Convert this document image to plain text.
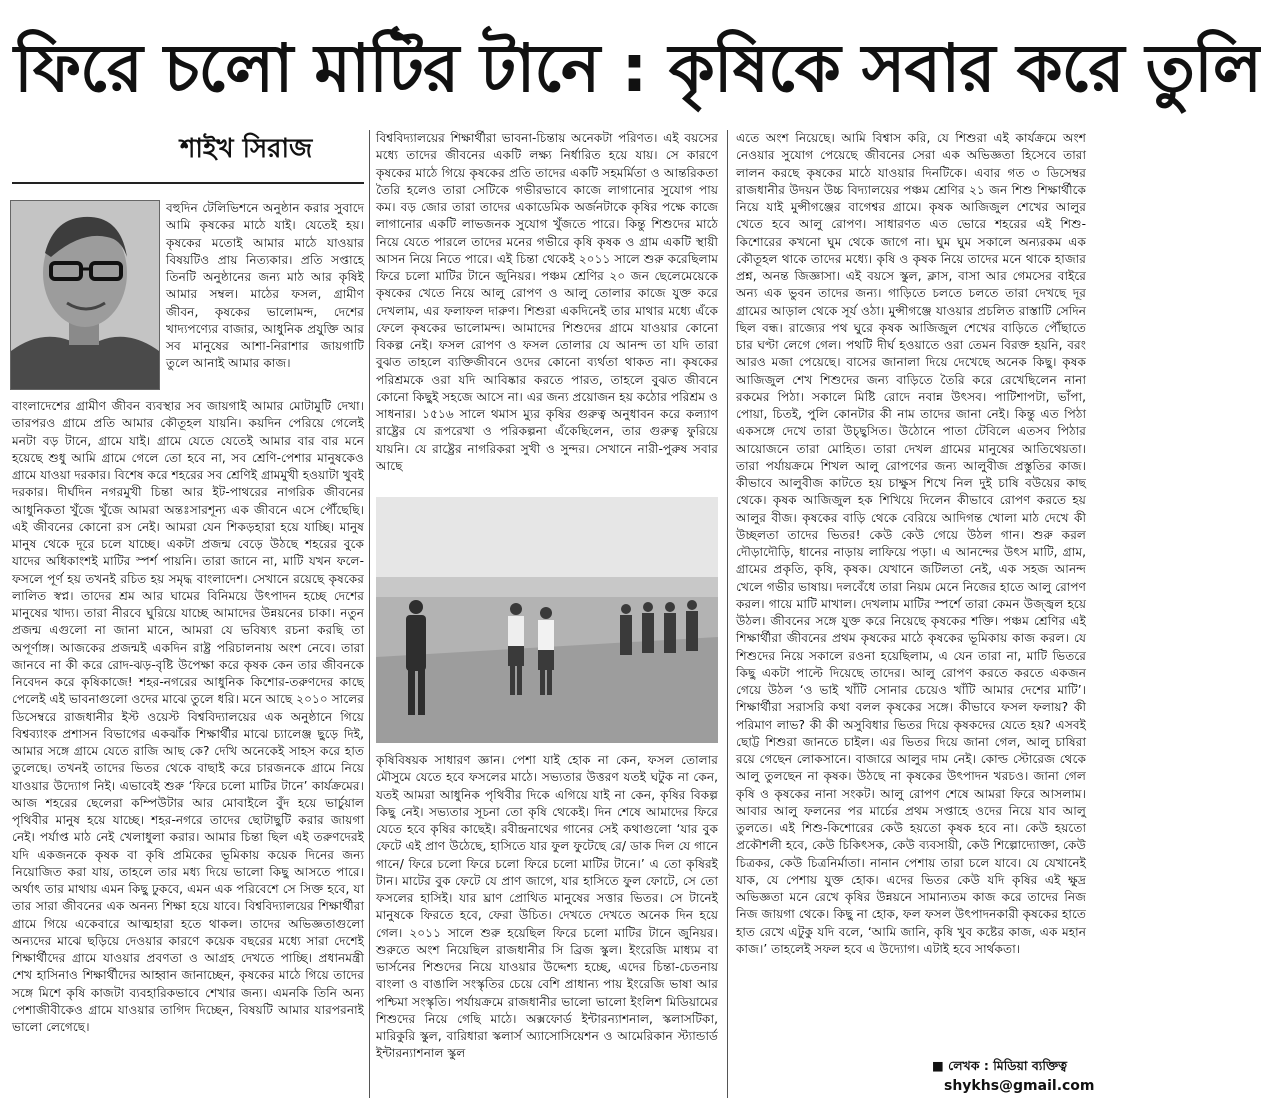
ফিরে চলো মাটির টানে : কৃষিকে সবার করে তুলি
শাইখ সিরাজ

বহুদিন টেলিভিশনে অনুষ্ঠান করার সুবাদে আমি কৃষকের মাঠে যাই। যেতেই হয়। কৃষকের মতোই আমার মাঠে যাওয়ার বিষয়টিও প্রায় নিত্যকার। প্রতি সপ্তাহে তিনটি অনুষ্ঠানের জন্য মাঠ আর কৃষিই আমার সম্বল। মাঠের ফসল, গ্রামীণ জীবন, কৃষকের ভালোমন্দ, দেশের খাদ্যপণ্যের বাজার, আধুনিক প্রযুক্তি আর সব মানুষের আশা-নিরাশার জায়গাটি তুলে আনাই আমার কাজ।

বাংলাদেশের গ্রামীণ জীবন ব্যবস্থার সব জায়গাই আমার মোটামুটি দেখা। তারপরও গ্রামে প্রতি আমার কৌতূহল যায়নি। কয়দিন পেরিয়ে গেলেই মনটা বড় টানে, গ্রামে যাই। গ্রামে যেতে যেতেই আমার বার বার মনে হয়েছে শুধু আমি গ্রামে গেলে তো হবে না, সব শ্রেণি-পেশার মানুষকেও গ্রামে যাওয়া দরকার। বিশেষ করে শহরের সব শ্রেণিই গ্রামমুখী হওয়াটা খুবই দরকার। দীর্ঘদিন নগরমুখী চিন্তা আর ইট-পাথরের নাগরিক জীবনের আধুনিকতা খুঁজে খুঁজে আমরা অন্তঃসারশূন্য এক জীবনে এসে পৌঁছেছি। এই জীবনের কোনো রস নেই। আমরা যেন শিকড়হারা হয়ে যাচ্ছি। মানুষ মানুষ থেকে দূরে চলে যাচ্ছে। একটা প্রজন্ম বেড়ে উঠছে শহরের বুকে যাদের অধিকাংশই মাটির স্পর্শ পায়নি। তারা জানে না, মাটি যখন ফলে-ফসলে পূর্ণ হয় তখনই রচিত হয় সমৃদ্ধ বাংলাদেশ। সেখানে রয়েছে কৃষকের লালিত স্বপ্ন। তাদের শ্রম আর ঘামের বিনিময়ে উৎপাদন হচ্ছে দেশের মানুষের খাদ্য। তারা নীরবে ঘুরিয়ে যাচ্ছে আমাদের উন্নয়নের চাকা। নতুন প্রজন্ম এগুলো না জানা মানে, আমরা যে ভবিষ্যৎ রচনা করছি তা অপূর্ণাঙ্গ। আজকের প্রজন্মই একদিন রাষ্ট্র পরিচালনায় অংশ নেবে। তারা জানবে না কী করে রোদ-ঝড়-বৃষ্টি উপেক্ষা করে কৃষক কেন তার জীবনকে নিবেদন করে কৃষিকাজে! শহর-নগরের আধুনিক কিশোর-তরুণদের কাছে পেলেই এই ভাবনাগুলো ওদের মাঝে তুলে ধরি। মনে আছে ২০১০ সালের ডিসেম্বরে রাজধানীর ইস্ট ওয়েস্ট বিশ্ববিদ্যালয়ের এক অনুষ্ঠানে গিয়ে বিশ্বব্যাংক প্রশাসন বিভাগের একঝাঁক শিক্ষার্থীর মাঝে চ্যালেঞ্জ ছুড়ে দিই, আমার সঙ্গে গ্রামে যেতে রাজি আছ কে? দেখি অনেকেই সাহস করে হাত তুলেছে। তখনই তাদের ভিতর থেকে বাছাই করে চারজনকে গ্রামে নিয়ে যাওয়ার উদ্যোগ নিই। এভাবেই শুরু ‘ফিরে চলো মাটির টানে’ কার্যক্রমের। আজ শহরের ছেলেরা কম্পিউটার আর মোবাইলে বুঁদ হয়ে ভার্চুয়াল পৃথিবীর মানুষ হয়ে যাচ্ছে। শহর-নগরে তাদের ছোটাছুটি করার জায়গা নেই। পর্যাপ্ত মাঠ নেই খেলাধুলা করার। আমার চিন্তা ছিল এই তরুণদেরই যদি একজনকে কৃষক বা কৃষি প্রমিকের ভূমিকায় কয়েক দিনের জন্য নিয়োজিত করা যায়, তাহলে তার মধ্য দিয়ে ভালো কিছু আসতে পারে। অর্থাৎ তার মাথায় এমন কিছু ঢুকবে, এমন এক পরিবেশে সে সিক্ত হবে, যা তার সারা জীবনের এক অনন্য শিক্ষা হয়ে যাবে। বিশ্ববিদ্যালয়ের শিক্ষার্থীরা গ্রামে গিয়ে একেবারে আত্মহারা হতে থাকল। তাদের অভিজ্ঞতাগুলো অন্যদের মাঝে ছড়িয়ে দেওয়ার কারণে কয়েক বছরের মধ্যে সারা দেশেই শিক্ষার্থীদের গ্রামে যাওয়ার প্রবণতা ও আগ্রহ দেখতে পাচ্ছি। প্রধানমন্ত্রী শেখ হাসিনাও শিক্ষার্থীদের আহ্বান জানাচ্ছেন, কৃষকের মাঠে গিয়ে তাদের সঙ্গে মিশে কৃষি কাজটা ব্যবহারিকভাবে শেখার জন্য। এমনকি তিনি অন্য পেশাজীবীকেও গ্রামে যাওয়ার তাগিদ দিচ্ছেন, বিষয়টি আমার যারপরনাই ভালো লেগেছে।

বিশ্ববিদ্যালয়ের শিক্ষার্থীরা ভাবনা-চিন্তায় অনেকটা পরিণত। এই বয়সের মধ্যে তাদের জীবনের একটি লক্ষ্য নির্ধারিত হয়ে যায়। সে কারণে কৃষকের মাঠে গিয়ে কৃষকের প্রতি তাদের একটি সহমর্মিতা ও আন্তরিকতা তৈরি হলেও তারা সেটিকে গভীরভাবে কাজে লাগানোর সুযোগ পায় কম। বড় জোর তারা তাদের একাডেমিক অর্জনটাকে কৃষির পক্ষে কাজে লাগানোর একটি লাভজনক সুযোগ খুঁজতে পারে। কিন্তু শিশুদের মাঠে নিয়ে যেতে পারলে তাদের মনের গভীরে কৃষি কৃষক ও গ্রাম একটি স্থায়ী আসন নিয়ে নিতে পারে। এই চিন্তা থেকেই ২০১১ সালে শুরু করেছিলাম ফিরে চলো মাটির টানে জুনিয়র। পঞ্চম শ্রেণির ২০ জন ছেলেমেয়েকে কৃষকের খেতে নিয়ে আলু রোপণ ও আলু তোলার কাজে যুক্ত করে দেখলাম, এর ফলাফল দারুণ। শিশুরা একদিনেই তার মাথার মধ্যে এঁকে ফেলে কৃষকের ভালোমন্দ। আমাদের শিশুদের গ্রামে যাওয়ার কোনো বিকল্প নেই। ফসল রোপণ ও ফসল তোলার যে আনন্দ তা যদি তারা বুঝত তাহলে ব্যক্তিজীবনে ওদের কোনো ব্যর্থতা থাকত না। কৃষকের পরিশ্রমকে ওরা যদি আবিষ্কার করতে পারত, তাহলে বুঝত জীবনে কোনো কিছুই সহজে আসে না। এর জন্য প্রয়োজন হয় কঠোর পরিশ্রম ও সাধনার। ১৫১৬ সালে থমাস ম্যুর কৃষির গুরুত্ব অনুধাবন করে কল্যাণ রাষ্ট্রের যে রূপরেখা ও পরিকল্পনা এঁকেছিলেন, তার গুরুত্ব ফুরিয়ে যায়নি। যে রাষ্ট্রের নাগরিকরা সুখী ও সুন্দর। সেখানে নারী-পুরুষ সবার আছে

কৃষিবিষয়ক সাধারণ জ্ঞান। পেশা যাই হোক না কেন, ফসল তোলার মৌসুমে যেতে হবে ফসলের মাঠে। সভ্যতার উত্তরণ যতই ঘটুক না কেন, যতই আমরা আধুনিক পৃথিবীর দিকে এগিয়ে যাই না কেন, কৃষির বিকল্প কিছু নেই। সভ্যতার সূচনা তো কৃষি থেকেই। দিন শেষে আমাদের ফিরে যেতে হবে কৃষির কাছেই। রবীন্দ্রনাথের গানের সেই কথাগুলো ‘যার বুক ফেটে এই প্রাণ উঠেছে, হাসিতে যার ফুল ফুটেছে রে/ ডাক দিল যে গানে গানে/ ফিরে চলো ফিরে চলো ফিরে চলো মাটির টানে।’ এ তো কৃষিরই টান। মাটের বুক ফেটে যে প্রাণ জাগে, যার হাসিতে ফুল ফোটে, সে তো ফসলের হাসিই। যার ঘ্রাণ প্রোথিত মানুষের সত্তার ভিতর। সে টানেই মানুষকে ফিরতে হবে, ফেরা উচিত। দেখতে দেখতে অনেক দিন হয়ে গেল। ২০১১ সালে শুরু হয়েছিল ফিরে চলো মাটির টানে জুনিয়র। শুরুতে অংশ নিয়েছিল রাজধানীর সি ব্রিজ স্কুল। ইংরেজি মাধ্যম বা ভার্সনের শিশুদের নিয়ে যাওয়ার উদ্দেশ্য হচ্ছে, এদের চিন্তা-চেতনায় বাংলা ও বাঙালি সংস্কৃতির চেয়ে বেশি প্রাধান্য পায় ইংরেজি ভাষা আর পশ্চিমা সংস্কৃতি। পর্যায়ক্রমে রাজধানীর ভালো ভালো ইংলিশ মিডিয়ামের শিশুদের নিয়ে গেছি মাঠে। অক্সফোর্ড ইন্টারন্যাশনাল, স্কলাসটিকা, মারিকুরি স্কুল, বারিধারা স্কলার্স অ্যাসোসিয়েশন ও আমেরিকান স্ট্যান্ডার্ড ইন্টারন্যাশনাল স্কুল

এতে অংশ নিয়েছে। আমি বিশ্বাস করি, যে শিশুরা এই কার্যক্রমে অংশ নেওয়ার সুযোগ পেয়েছে জীবনের সেরা এক অভিজ্ঞতা হিসেবে তারা লালন করছে কৃষকের মাঠে যাওয়ার দিনটিকে। এবার গত ৩ ডিসেম্বর রাজধানীর উদয়ন উচ্চ বিদ্যালয়ের পঞ্চম শ্রেণির ২১ জন শিশু শিক্ষার্থীকে নিয়ে যাই মুন্সীগঞ্জের বাগেশ্বর গ্রামে। কৃষক আজিজুল শেখের আলুর খেতে হবে আলু রোপণ। সাধারণত এত ভোরে শহরের এই শিশু-কিশোরের কখনো ঘুম থেকে জাগে না। ঘুম ঘুম সকালে অন্যরকম এক কৌতূহল থাকে তাদের মধ্যে। কৃষি ও কৃষক নিয়ে তাদের মনে থাকে হাজার প্রশ্ন, অনন্ত জিজ্ঞাসা। এই বয়সে স্কুল, ক্লাস, বাসা আর গেমসের বাইরে অন্য এক ভুবন তাদের জন্য। গাড়িতে চলতে চলতে তারা দেখছে দূর গ্রামের আড়াল থেকে সূর্য ওঠা। মুন্সীগঞ্জে যাওয়ার প্রচলিত রাস্তাটি সেদিন ছিল বন্ধ। রাজ্যের পথ ঘুরে কৃষক আজিজুল শেখের বাড়িতে পৌঁছাতে চার ঘণ্টা লেগে গেল। পথটি দীর্ঘ হওয়াতে ওরা তেমন বিরক্ত হয়নি, বরং আরও মজা পেয়েছে। বাসের জানালা দিয়ে দেখেছে অনেক কিছু। কৃষক আজিজুল শেখ শিশুদের জন্য বাড়িতে তৈরি করে রেখেছিলেন নানা রকমের পিঠা। সকালে মিষ্টি রোদে নবান্ন উৎসব। পাটিশাপটা, ভাঁপা, পোয়া, চিতই, পুলি কোনটার কী নাম তাদের জানা নেই। কিন্তু এত পিঠা একসঙ্গে দেখে তারা উচ্ছ্বসিত। উঠোনে পাতা টেবিলে এতসব পিঠার আয়োজনে তারা মোহিত। তারা দেখল গ্রামের মানুষের আতিথেয়তা। তারা পর্যায়ক্রমে শিখল আলু রোপণের জন্য আলুবীজ প্রস্তুতির কাজ। কীভাবে আলুবীজ কাটতে হয় চাক্ষুস শিখে নিল দুই চাষি বউয়ের কাছ থেকে। কৃষক আজিজুল হক শিখিয়ে দিলেন কীভাবে রোপণ করতে হয় আলুর বীজ। কৃষকের বাড়ি থেকে বেরিয়ে আদিগন্ত খোলা মাঠ দেখে কী উচ্ছলতা তাদের ভিতর! কেউ কেউ গেয়ে উঠল গান। শুরু করল দৌড়াদৌড়ি, ধানের নাড়ায় লাফিয়ে পড়া। এ আনন্দের উৎস মাটি, গ্রাম, গ্রামের প্রকৃতি, কৃষি, কৃষক। যেখানে জটিলতা নেই, এক সহজ আনন্দ খেলে গভীর ভাষায়। দলবেঁধে তারা নিয়ম মেনে নিজের হাতে আলু রোপণ করল। গায়ে মাটি মাখাল। দেখলাম মাটির স্পর্শে তারা কেমন উজ্জ্বল হয়ে উঠল। জীবনের সঙ্গে যুক্ত করে নিয়েছে কৃষকের শক্তি। পঞ্চম শ্রেণির এই শিক্ষার্থীরা জীবনের প্রথম কৃষকের মাঠে কৃষকের ভূমিকায় কাজ করল। যে শিশুদের নিয়ে সকালে রওনা হয়েছিলাম, এ যেন তারা না, মাটি ভিতরে কিছু একটা পাল্টে দিয়েছে তাদের। আলু রোপণ করতে করতে একজন গেয়ে উঠল ‘ও ভাই খাঁটি সোনার চেয়েও খাঁটি আমার দেশের মাটি’। শিক্ষার্থীরা সরাসরি কথা বলল কৃষকের সঙ্গে। কীভাবে ফসল ফলায়? কী পরিমাণ লাভ? কী কী অসুবিধার ভিতর দিয়ে কৃষকদের যেতে হয়? এসবই ছোট্ট শিশুরা জানতে চাইল। এর ভিতর দিয়ে জানা গেল, আলু চাষিরা রয়ে গেছেন লোকসানে। বাজারে আলুর দাম নেই। কোল্ড স্টোরেজ থেকে আলু তুলছেন না কৃষক। উঠছে না কৃষকের উৎপাদন খরচও। জানা গেল কৃষি ও কৃষকের নানা সংকট। আলু রোপণ শেষে আমরা ফিরে আসলাম। আবার আলু ফলনের পর মার্চের প্রথম সপ্তাহে ওদের নিয়ে যাব আলু তুলতে। এই শিশু-কিশোরের কেউ হয়তো কৃষক হবে না। কেউ হয়তো প্রকৌশলী হবে, কেউ চিকিৎসক, কেউ ব্যবসায়ী, কেউ শিল্পোদ্যোক্তা, কেউ চিত্রকর, কেউ চিত্রনির্মাতা। নানান পেশায় তারা চলে যাবে। যে যেখানেই যাক, যে পেশায় যুক্ত হোক। এদের ভিতর কেউ যদি কৃষির এই ক্ষুদ্র অভিজ্ঞতা মনে রেখে কৃষির উন্নয়নে সামান্যতম কাজ করে তাদের নিজ নিজ জায়গা থেকে। কিছু না হোক, ফল ফসল উৎপাদনকারী কৃষকের হাতে হাত রেখে এটুকু যদি বলে, ‘আমি জানি, কৃষি খুব কষ্টের কাজ, এক মহান কাজ।’ তাহলেই সফল হবে এ উদ্যোগ। এটাই হবে সার্থকতা।

■ লেখক : মিডিয়া ব্যক্তিত্ব
shykhs@gmail.com
